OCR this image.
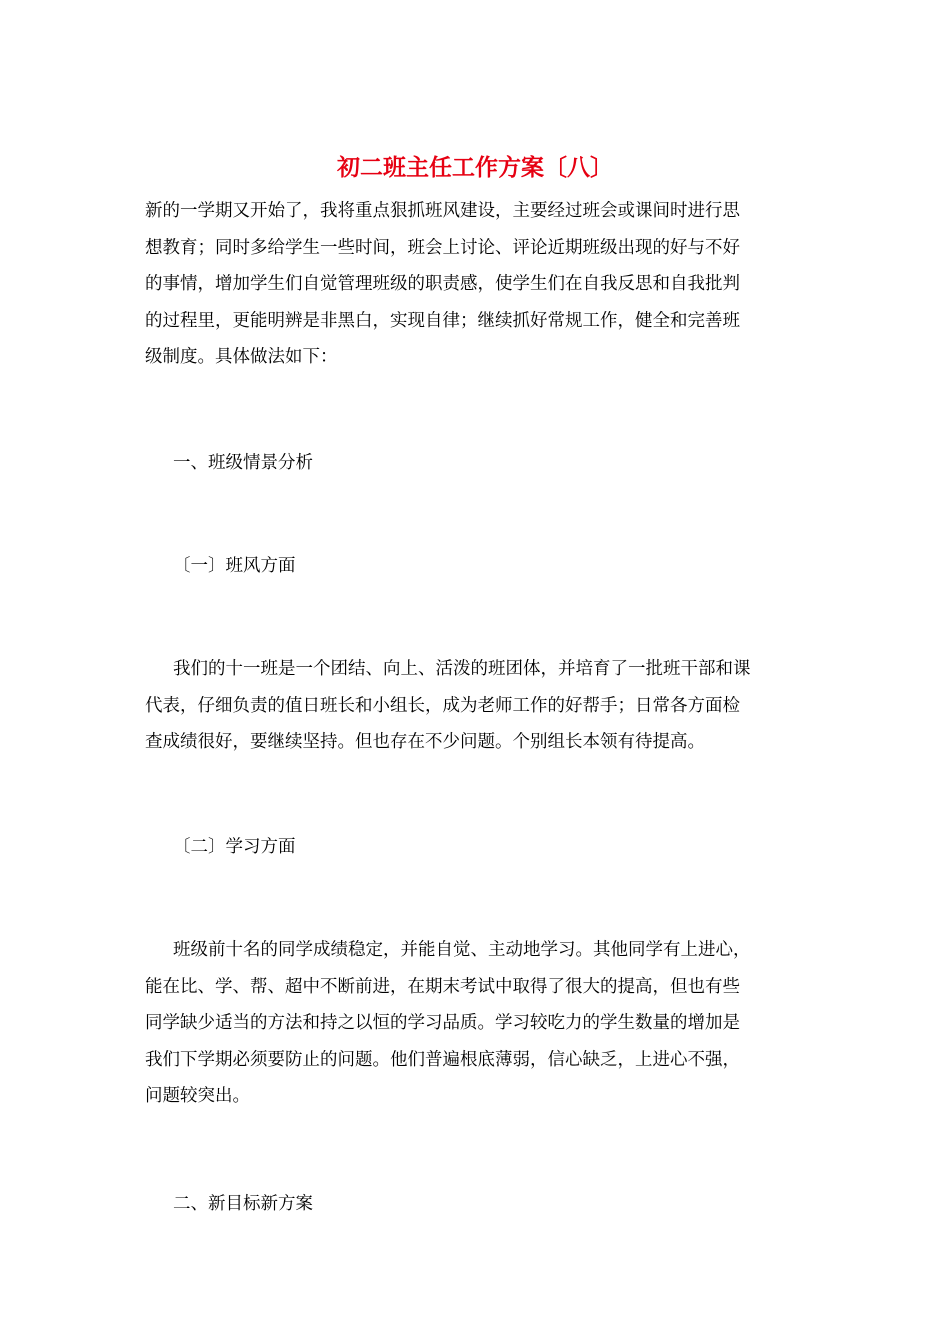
初二班主任工作方案〔八〕
新的一学期又开始了，我将重点狠抓班风建设，主要经过班会或课间时进行思
想教育；同时多给学生一些时间，班会上讨论、评论近期班级出现的好与不好
的事情，增加学生们自觉管理班级的职责感，使学生们在自我反思和自我批判
的过程里，更能明辨是非黑白，实现自律；继续抓好常规工作，健全和完善班
级制度。具体做法如下：
一、班级情景分析
〔一〕班风方面
我们的十一班是一个团结、向上、活泼的班团体，并培育了一批班干部和课
代表，仔细负责的值日班长和小组长，成为老师工作的好帮手；日常各方面检
查成绩很好，要继续坚持。但也存在不少问题。个别组长本领有待提高。
〔二〕学习方面
班级前十名的同学成绩稳定，并能自觉、主动地学习。其他同学有上进心，
能在比、学、帮、超中不断前进，在期末考试中取得了很大的提高，但也有些
同学缺少适当的方法和持之以恒的学习品质。学习较吃力的学生数量的增加是
我们下学期必须要防止的问题。他们普遍根底薄弱，信心缺乏，上进心不强，
问题较突出。
二、新目标新方案
